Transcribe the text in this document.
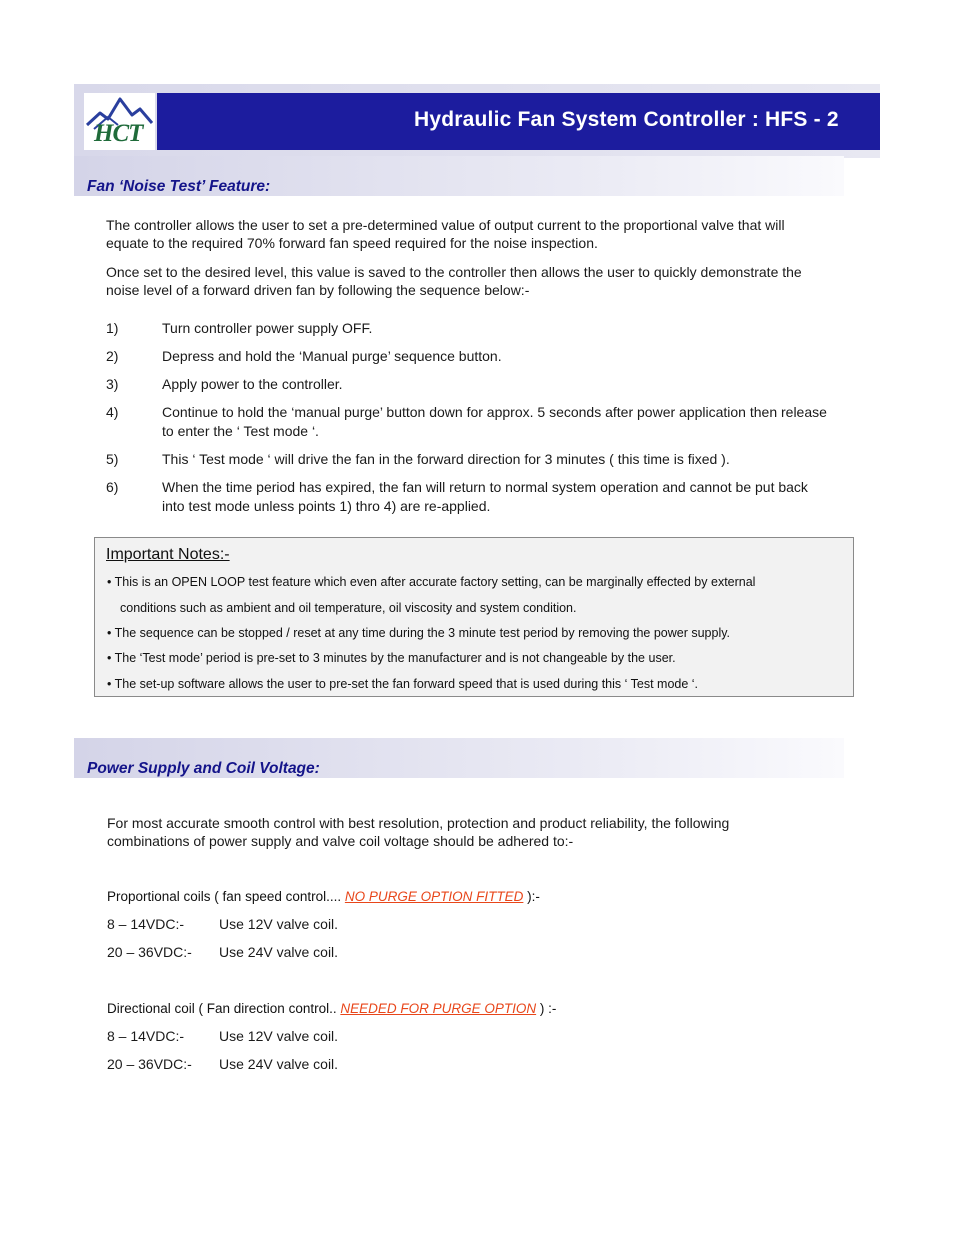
HCT
Hydraulic Fan System Controller : HFS - 2
Fan ‘Noise Test’ Feature:
The controller allows the user to set a pre-determined value of output current to the proportional valve that will equate to the required 70% forward fan speed required for the noise inspection.
Once set to the desired level, this value is saved to the controller then allows the user to quickly demonstrate the noise level of a forward driven fan by following the sequence below:-
1)	Turn controller power supply OFF.
2)	Depress and hold the ‘Manual purge’ sequence button.
3)	Apply power to the controller.
4)	Continue to hold the ‘manual purge’ button down for approx. 5 seconds after power application then release to enter the ‘ Test mode ‘.
5)	This ‘ Test mode ‘ will drive the fan in the forward direction for 3 minutes ( this time is fixed ).
6)	When the time period has expired, the fan will return to normal system operation and cannot be put back into test mode unless points 1) thro 4) are re-applied.
Important Notes:-
• This is an OPEN LOOP test feature which even after accurate factory setting, can be marginally effected by external
conditions such as ambient and oil temperature, oil viscosity and system condition.
• The sequence can be stopped / reset at any time during the 3 minute test period by removing the power supply.
• The ‘Test mode’ period is pre-set to 3 minutes by the manufacturer and is not changeable by the user.
• The set-up software allows the user to pre-set the fan forward speed that is used during this ‘ Test mode ‘.
Power Supply and Coil Voltage:
For most accurate smooth control with best resolution, protection and product reliability, the following combinations of power supply and valve coil voltage should be adhered to:-
Proportional coils ( fan speed control.... NO PURGE OPTION FITTED ):-
8 – 14VDC:- Use 12V valve coil.
20 – 36VDC:- Use 24V valve coil.
Directional coil ( Fan direction control.. NEEDED FOR PURGE OPTION ) :-
8 – 14VDC:- Use 12V valve coil.
20 – 36VDC:- Use 24V valve coil.
